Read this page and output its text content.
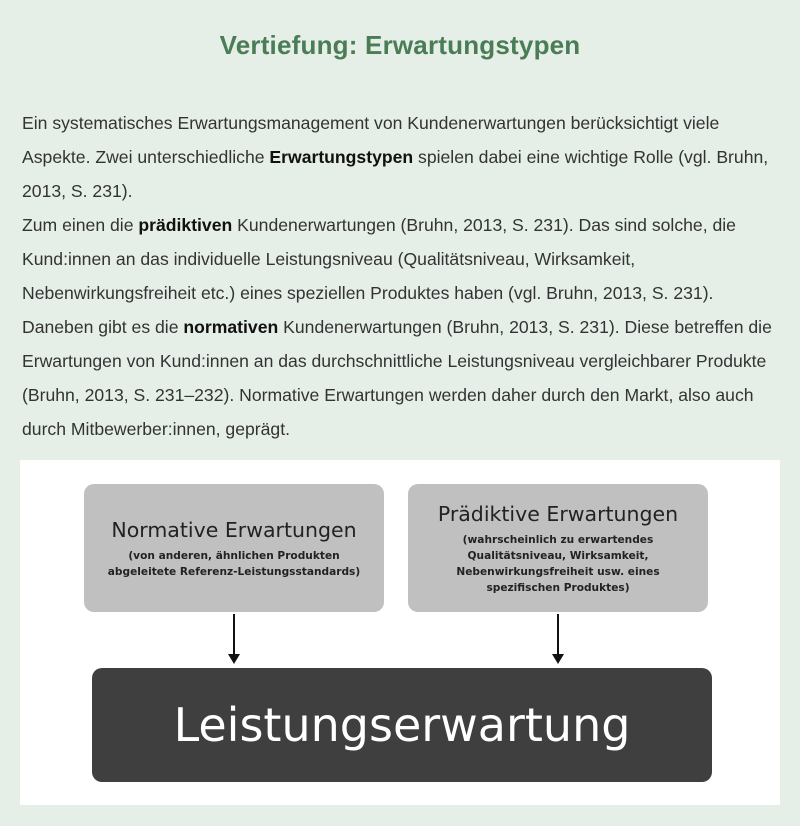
Vertiefung: Erwartungstypen

Ein systematisches Erwartungsmanagement von Kundenerwartungen berücksichtigt viele Aspekte. Zwei unterschiedliche Erwartungstypen spielen dabei eine wichtige Rolle (vgl. Bruhn, 2013, S. 231).

Zum einen die prädiktiven Kundenerwartungen (Bruhn, 2013, S. 231). Das sind solche, die Kund:innen an das individuelle Leistungsniveau (Qualitätsniveau, Wirksamkeit, Nebenwirkungsfreiheit etc.) eines speziellen Produktes haben (vgl. Bruhn, 2013, S. 231).

Daneben gibt es die normativen Kundenerwartungen (Bruhn, 2013, S. 231). Diese betreffen die Erwartungen von Kund:innen an das durchschnittliche Leistungsniveau vergleichbarer Produkte (Bruhn, 2013, S. 231–232). Normative Erwartungen werden daher durch den Markt, also auch durch Mitbewerber:innen, geprägt.

Normative Erwartungen
(von anderen, ähnlichen Produkten abgeleitete Referenz-Leistungsstandards)
Prädiktive Erwartungen
(wahrscheinlich zu erwartendes Qualitätsniveau, Wirksamkeit, Nebenwirkungsfreiheit usw. eines spezifischen Produktes)
Leistungserwartung
